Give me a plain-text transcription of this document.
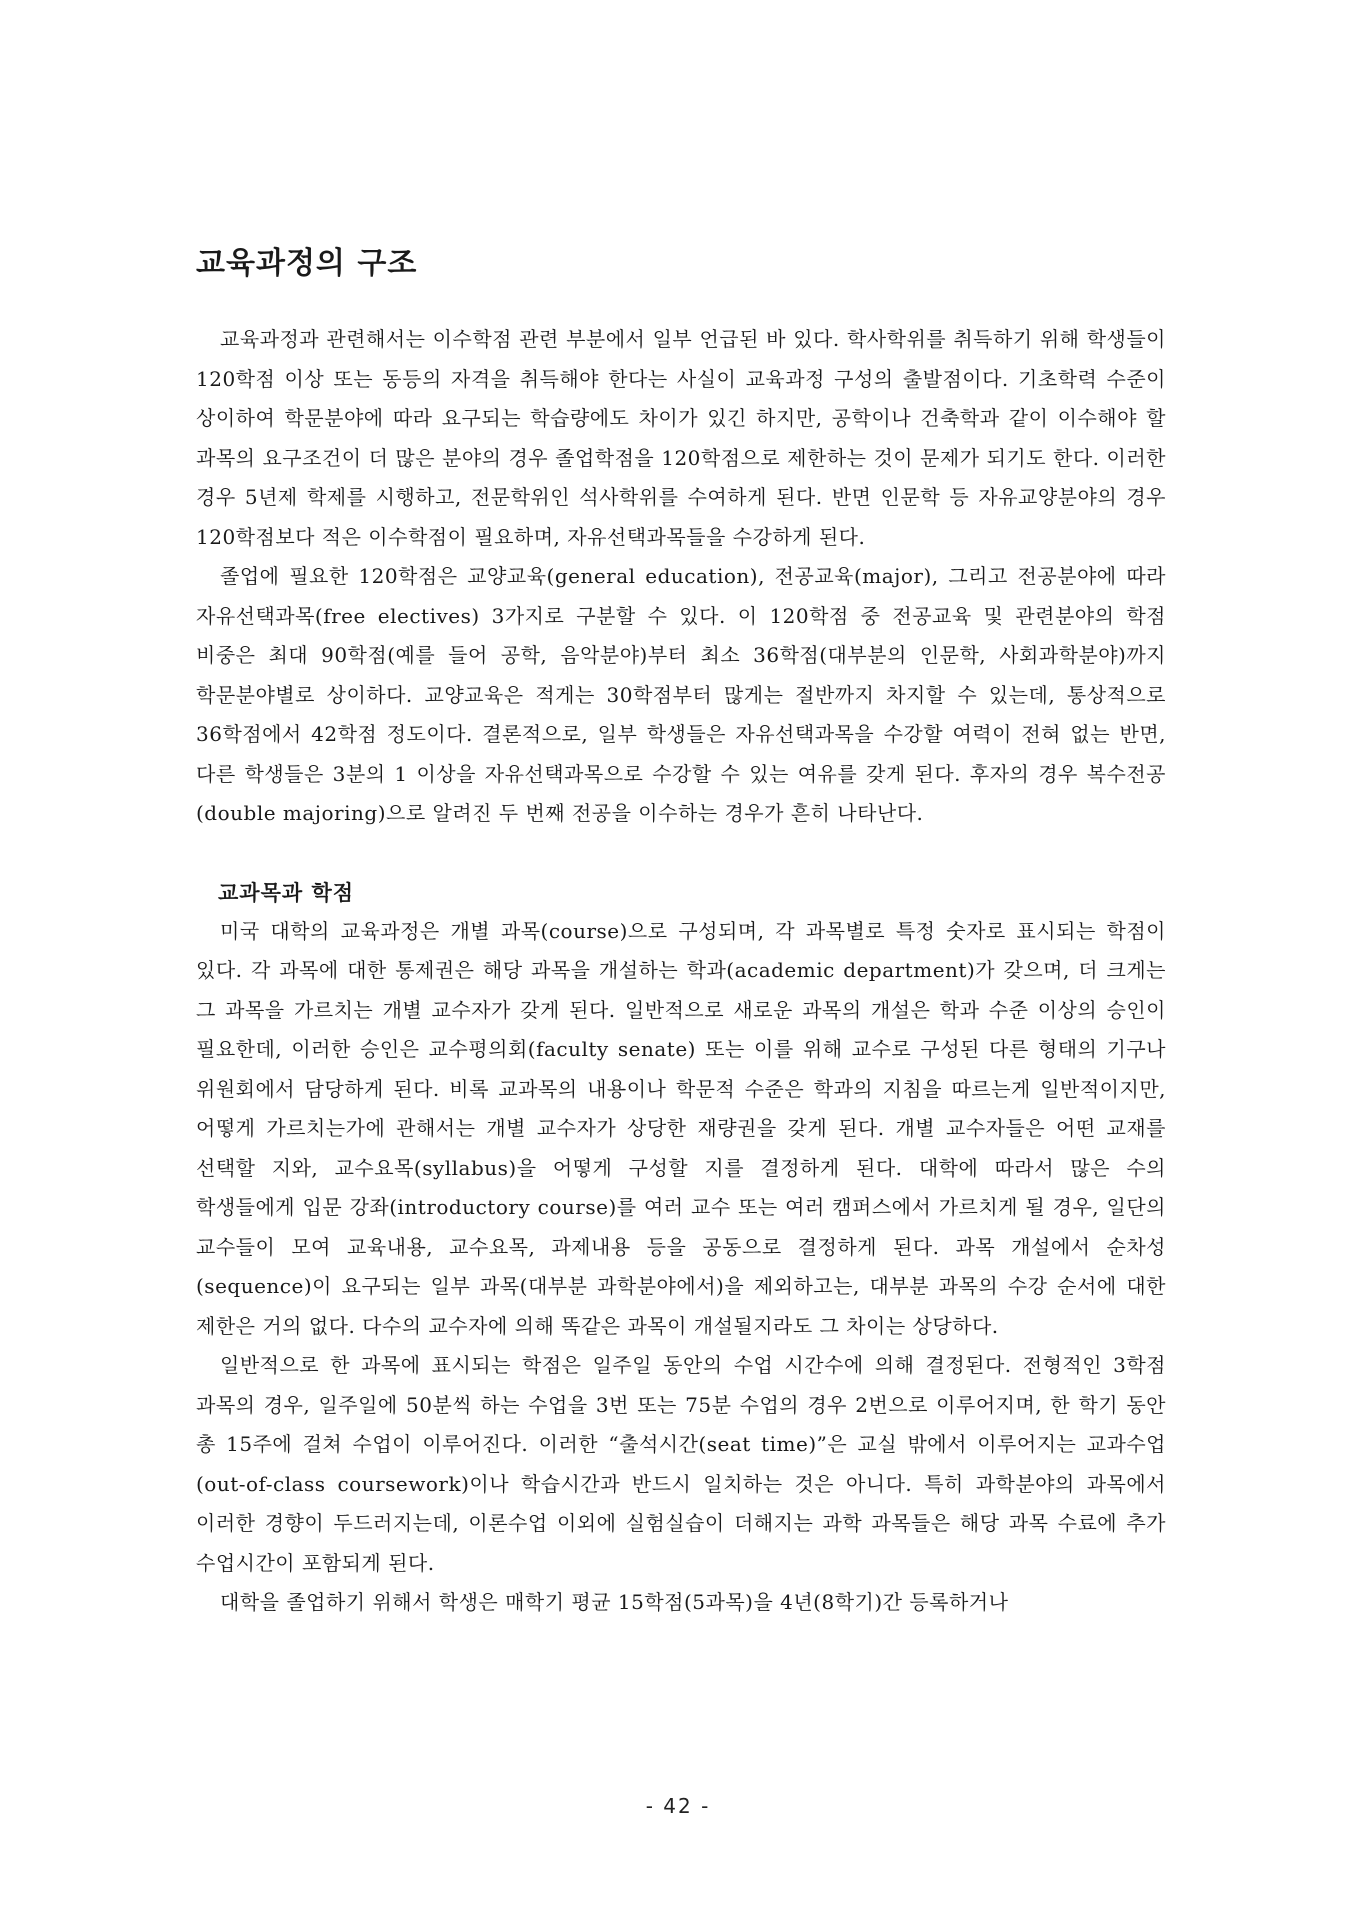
교육과정의 구조

교육과정과 관련해서는 이수학점 관련 부분에서 일부 언급된 바 있다. 학사학위를 취득하기 위해 학생들이 120학점 이상 또는 동등의 자격을 취득해야 한다는 사실이 교육과정 구성의 출발점이다. 기초학력 수준이 상이하여 학문분야에 따라 요구되는 학습량에도 차이가 있긴 하지만, 공학이나 건축학과 같이 이수해야 할 과목의 요구조건이 더 많은 분야의 경우 졸업학점을 120학점으로 제한하는 것이 문제가 되기도 한다. 이러한 경우 5년제 학제를 시행하고, 전문학위인 석사학위를 수여하게 된다. 반면 인문학 등 자유교양분야의 경우 120학점보다 적은 이수학점이 필요하며, 자유선택과목들을 수강하게 된다.

졸업에 필요한 120학점은 교양교육(general education), 전공교육(major), 그리고 전공분야에 따라 자유선택과목(free electives) 3가지로 구분할 수 있다. 이 120학점 중 전공교육 및 관련분야의 학점 비중은 최대 90학점(예를 들어 공학, 음악분야)부터 최소 36학점(대부분의 인문학, 사회과학분야)까지 학문분야별로 상이하다. 교양교육은 적게는 30학점부터 많게는 절반까지 차지할 수 있는데, 통상적으로 36학점에서 42학점 정도이다. 결론적으로, 일부 학생들은 자유선택과목을 수강할 여력이 전혀 없는 반면, 다른 학생들은 3분의 1 이상을 자유선택과목으로 수강할 수 있는 여유를 갖게 된다. 후자의 경우 복수전공(double majoring)으로 알려진 두 번째 전공을 이수하는 경우가 흔히 나타난다.

교과목과 학점

미국 대학의 교육과정은 개별 과목(course)으로 구성되며, 각 과목별로 특정 숫자로 표시되는 학점이 있다. 각 과목에 대한 통제권은 해당 과목을 개설하는 학과(academic department)가 갖으며, 더 크게는 그 과목을 가르치는 개별 교수자가 갖게 된다. 일반적으로 새로운 과목의 개설은 학과 수준 이상의 승인이 필요한데, 이러한 승인은 교수평의회(faculty senate) 또는 이를 위해 교수로 구성된 다른 형태의 기구나 위원회에서 담당하게 된다. 비록 교과목의 내용이나 학문적 수준은 학과의 지침을 따르는게 일반적이지만, 어떻게 가르치는가에 관해서는 개별 교수자가 상당한 재량권을 갖게 된다. 개별 교수자들은 어떤 교재를 선택할 지와, 교수요목(syllabus)을 어떻게 구성할 지를 결정하게 된다. 대학에 따라서 많은 수의 학생들에게 입문 강좌(introductory course)를 여러 교수 또는 여러 캠퍼스에서 가르치게 될 경우, 일단의 교수들이 모여 교육내용, 교수요목, 과제내용 등을 공동으로 결정하게 된다. 과목 개설에서 순차성(sequence)이 요구되는 일부 과목(대부분 과학분야에서)을 제외하고는, 대부분 과목의 수강 순서에 대한 제한은 거의 없다. 다수의 교수자에 의해 똑같은 과목이 개설될지라도 그 차이는 상당하다.

일반적으로 한 과목에 표시되는 학점은 일주일 동안의 수업 시간수에 의해 결정된다. 전형적인 3학점 과목의 경우, 일주일에 50분씩 하는 수업을 3번 또는 75분 수업의 경우 2번으로 이루어지며, 한 학기 동안 총 15주에 걸쳐 수업이 이루어진다. 이러한 “출석시간(seat time)”은 교실 밖에서 이루어지는 교과수업(out-of-class coursework)이나 학습시간과 반드시 일치하는 것은 아니다. 특히 과학분야의 과목에서 이러한 경향이 두드러지는데, 이론수업 이외에 실험실습이 더해지는 과학 과목들은 해당 과목 수료에 추가 수업시간이 포함되게 된다.

대학을 졸업하기 위해서 학생은 매학기 평균 15학점(5과목)을 4년(8학기)간 등록하거나

- 42 -
